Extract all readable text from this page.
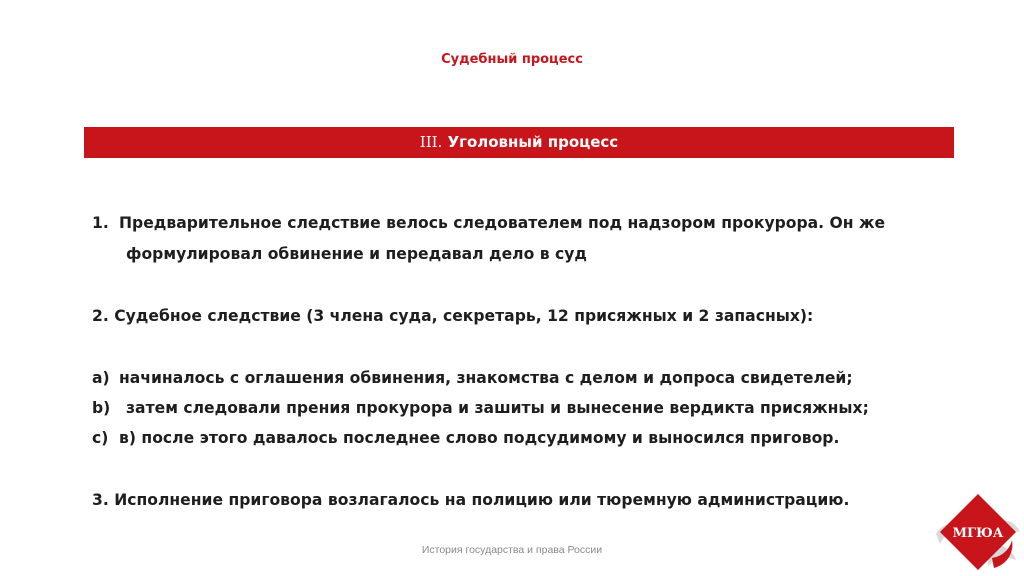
Судебный процесс
III. Уголовный процесс
1. Предварительное следствие велось следователем под надзором прокурора. Он же
формулировал обвинение и передавал дело в суд
2. Судебное следствие (3 члена суда, секретарь, 12 присяжных и 2 запасных):
a) начиналось с оглашения обвинения, знакомства с делом и допроса свидетелей;
b) затем следовали прения прокурора и зашиты и вынесение вердикта присяжных;
c) в) после этого давалось последнее слово подсудимому и выносился приговор.
3. Исполнение приговора возлагалось на полицию или тюремную администрацию.
История государства и права России
МГЮА
